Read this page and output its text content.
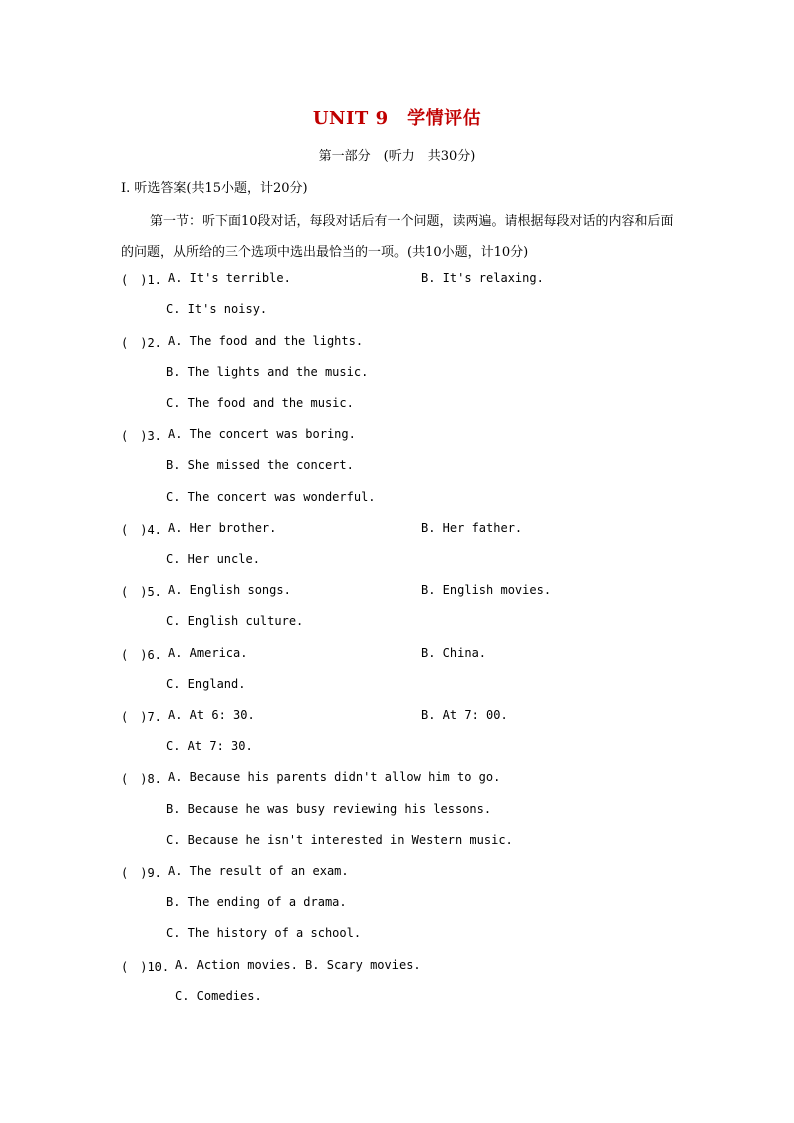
UNIT 9　学情评估
第一部分　(听力　共30分)
Ⅰ. 听选答案(共15小题，计20分)
第一节：听下面10段对话，每段对话后有一个问题，读两遍。请根据每段对话的内容和后面的问题，从所给的三个选项中选出最恰当的一项。(共10小题，计10分)
(　)1. A. It's terrible.	B. It's relaxing.
C. It's noisy.
(　)2. A. The food and the lights.
B. The lights and the music.
C. The food and the music.
(　)3. A. The concert was boring.
B. She missed the concert.
C. The concert was wonderful.
(　)4. A. Her brother.	B. Her father.
C. Her uncle.
(　)5. A. English songs.	B. English movies.
C. English culture.
(　)6. A. America.	B. China.
C. England.
(　)7. A. At 6: 30.	B. At 7: 00.
C. At 7: 30.
(　)8. A. Because his parents didn't allow him to go.
B. Because he was busy reviewing his lessons.
C. Because he isn't interested in Western music.
(　)9. A. The result of an exam.
B. The ending of a drama.
C. The history of a school.
(　)10. A. Action movies. B. Scary movies.
C. Comedies.
